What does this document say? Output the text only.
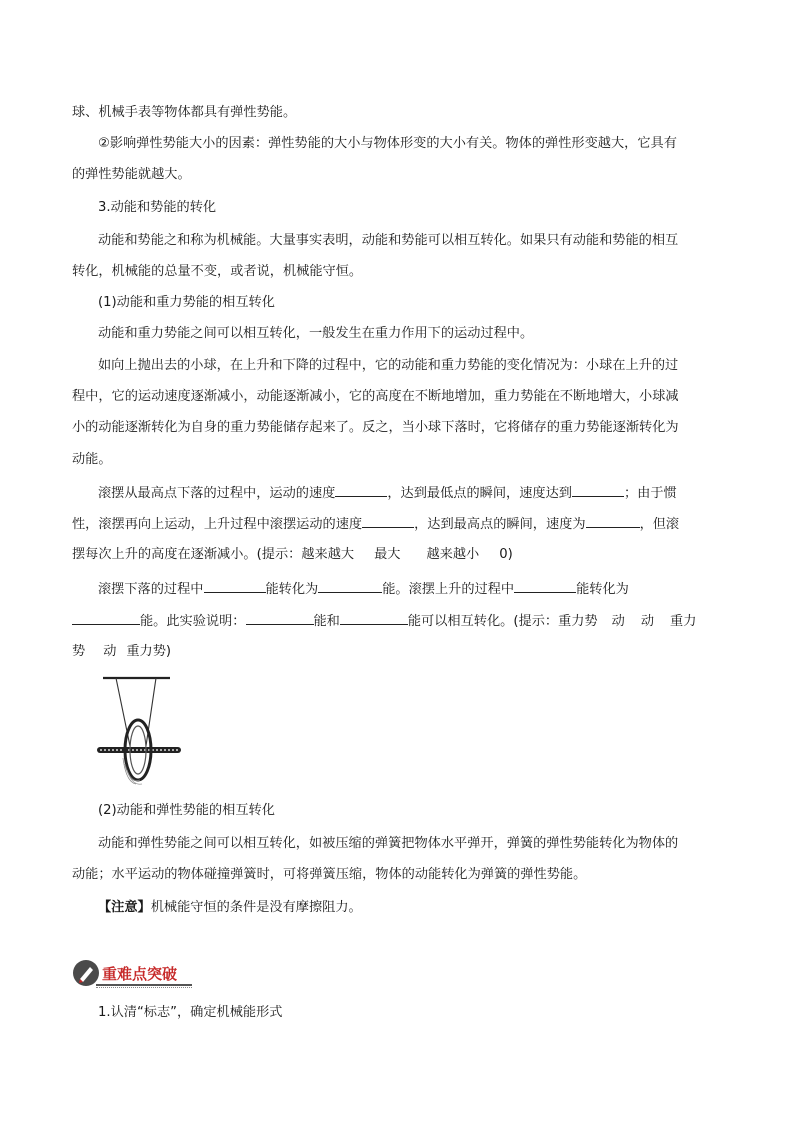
球、机械手表等物体都具有弹性势能。
②影响弹性势能大小的因素：弹性势能的大小与物体形变的大小有关。物体的弹性形变越大，它具有
的弹性势能就越大。
3.动能和势能的转化
动能和势能之和称为机械能。大量事实表明，动能和势能可以相互转化。如果只有动能和势能的相互
转化，机械能的总量不变，或者说，机械能守恒。
(1)动能和重力势能的相互转化
动能和重力势能之间可以相互转化，一般发生在重力作用下的运动过程中。
如向上抛出去的小球，在上升和下降的过程中，它的动能和重力势能的变化情况为：小球在上升的过
程中，它的运动速度逐渐减小，动能逐渐减小，它的高度在不断地增加，重力势能在不断地增大，小球减
小的动能逐渐转化为自身的重力势能储存起来了。反之，当小球下落时，它将储存的重力势能逐渐转化为
动能。
滚摆从最高点下落的过程中，运动的速度	，达到最低点的瞬间，速度达到	；由于惯
性，滚摆再向上运动，上升过程中滚摆运动的速度	，达到最高点的瞬间，速度为	，但滚
摆每次上升的高度在逐渐减小。(提示：越来越大 最大 越来越小 0)
滚摆下落的过程中	能转化为	能。滚摆上升的过程中	能转化为
能。此实验说明：	能和	能可以相互转化。(提示：重力势 动 动 重力
势 动 重力势)
(2)动能和弹性势能的相互转化
动能和弹性势能之间可以相互转化，如被压缩的弹簧把物体水平弹开，弹簧的弹性势能转化为物体的
动能；水平运动的物体碰撞弹簧时，可将弹簧压缩，物体的动能转化为弹簧的弹性势能。
【注意】机械能守恒的条件是没有摩擦阻力。
重难点突破
1.认清“标志”，确定机械能形式
